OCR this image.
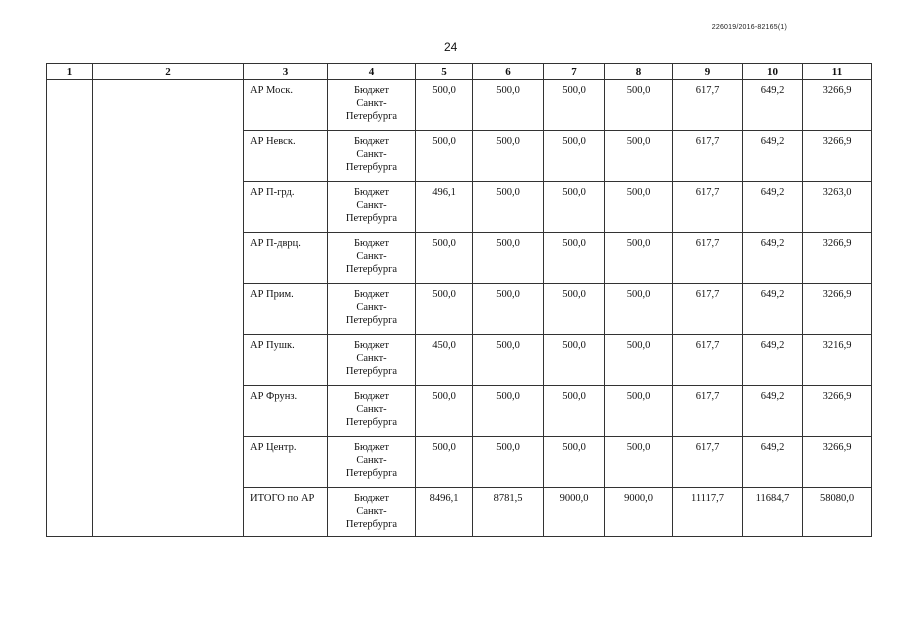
226019/2016-82165(1)
24
1	2	3	4	5	6	7	8	9	10	11
		АР Моск.	Бюджет
Санкт-
Петербурга	500,0	500,0	500,0	500,0	617,7	649,2	3266,9
		АР Невск.	Бюджет
Санкт-
Петербурга	500,0	500,0	500,0	500,0	617,7	649,2	3266,9
		АР П-грд.	Бюджет
Санкт-
Петербурга	496,1	500,0	500,0	500,0	617,7	649,2	3263,0
		АР П-дврц.	Бюджет
Санкт-
Петербурга	500,0	500,0	500,0	500,0	617,7	649,2	3266,9
		АР Прим.	Бюджет
Санкт-
Петербурга	500,0	500,0	500,0	500,0	617,7	649,2	3266,9
		АР Пушк.	Бюджет
Санкт-
Петербурга	450,0	500,0	500,0	500,0	617,7	649,2	3216,9
		АР Фрунз.	Бюджет
Санкт-
Петербурга	500,0	500,0	500,0	500,0	617,7	649,2	3266,9
		АР Центр.	Бюджет
Санкт-
Петербурга	500,0	500,0	500,0	500,0	617,7	649,2	3266,9
		ИТОГО по АР	Бюджет
Санкт-
Петербурга	8496,1	8781,5	9000,0	9000,0	11117,7	11684,7	58080,0
